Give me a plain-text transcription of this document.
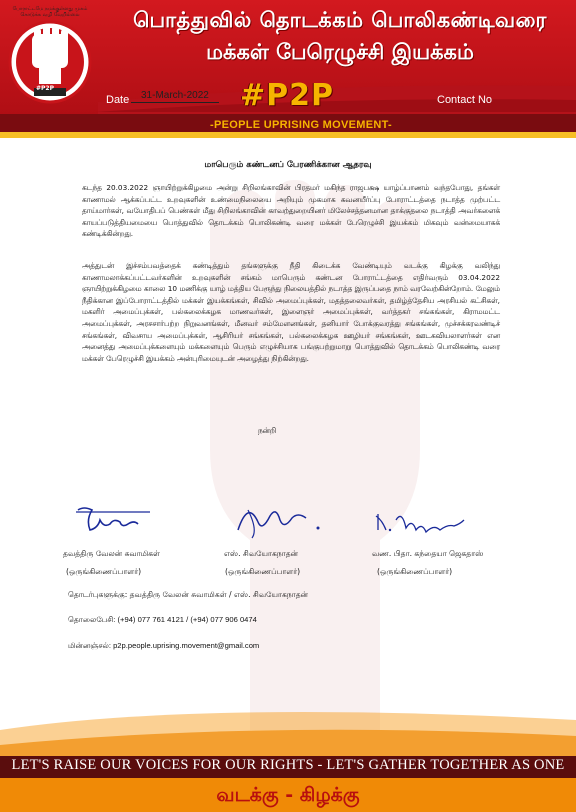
போராட்டமே நமக்குள்ளது முகம் கொடுக்க வழி வேறில்லை
#P2P
பொத்துவில் தொடக்கம் பொலிகண்டிவரை
மக்கள் பேரெழுச்சி இயக்கம்
Date	31-March-2022	#P2P	Contact No
-PEOPLE UPRISING MOVEMENT-
மாபெரும் கண்டனப் பேரணிக்கான ஆதரவு
கடந்த 20.03.2022 ஞாயிற்றுக்கிழமை அன்று சிறிலங்காவின் பிரதமர் மகிந்த ராஜபக்ஷ யாழ்ப்பாணம் வந்தபோது, தங்கள் காணாமல் ஆக்கப்பட்ட உறவுகளின் உண்மைநிலையை அறியும் முகமாக கவனயீர்ப்பு போராட்டத்தை நடாத்த முற்பட்ட தாய்மார்கள், வயோதிபப் பெண்கள் மீது சிறிலங்காவின் காவற்துறையினர் மிலேச்சத்தனமான தாக்குதலை நடாத்தி அவர்களைக் காயப்படுத்தியமையை பொத்துவில் தொடக்கம் பொலிகண்டி வரை மக்கள் பேரெழுச்சி இயக்கம் மிகவும் வன்மையாகக் கண்டிக்கின்றது.
அத்துடன் இச்சம்பவத்தைக் கண்டித்தும் தங்களுக்கு நீதி கிடைக்க வேண்டியும் வடக்கு கிழக்கு வலிந்து காணாமலாக்கப்பட்டவர்களின் உறவுகளின் சங்கம் மாபெரும் கண்டன போராட்டத்தை எதிர்வரும் 03.04.2022 ஞாயிற்றுக்கிழமை காலை 10 மணிக்கு யாழ் மத்திய பேரூந்து நிலையத்தில் நடாத்த இருப்பதை நாம் வரவேற்கின்றோம். மேலும் நீதிக்கான இப்போராட்டத்தில் மக்கள் இயக்கங்கள், சிவில் அமைப்புக்கள், மதத்தலைவர்கள், தமிழ்த்தேசிய அரசியல் கட்சிகள், மகளிர் அமைப்புக்கள், பல்கலைக்கழக மாணவர்கள், இளைஞர் அமைப்புக்கள், வர்த்தகர் சங்கங்கள், கிராமமட்ட அமைப்புக்கள், அரசசார்பற்ற நிறுவனங்கள், மீனவர் சம்மேளனங்கள், தனியார் போக்குவரத்து சங்கங்கள், முச்சக்கரவண்டிச் சங்கங்கள், விவசாய அமைப்புக்கள், ஆசிரியர் சங்கங்கள், பல்கலைக்கழக ஊழியர் சங்கங்கள், ஊடகவியலாளர்கள் என அனைத்து அமைப்புக்களையும் மக்களையும் பெரும் எழுச்சியாக பங்குபற்றுமாறு பொத்துவில் தொடக்கம் பொலிகண்டி வரை மக்கள் பேரெழுச்சி இயக்கம் அன்புரிமையுடன் அழைத்து நிற்கின்றது.
நன்றி
தவத்திரு வேலன் சுவாமிகள்	எஸ். சிவயோகநாதன்	வண. பிதா. கந்தையா ஜெகதாஸ்
(ஒருங்கிணைப்பாளர்)	(ஒருங்கிணைப்பாளர்)	(ஒருங்கிணைப்பாளர்)
தொடர்புகளுக்கு: தவத்திரு வேலன் சுவாமிகள் / எஸ். சிவயோகநாதன்
தொலைபேசி: (+94) 077 761 4121 / (+94) 077 906 0474
மின்னஞ்சல்: p2p.people.uprising.movement@gmail.com
LET'S RAISE OUR VOICES FOR OUR RIGHTS - LET'S GATHER TOGETHER AS ONE
வடக்கு - கிழக்கு
